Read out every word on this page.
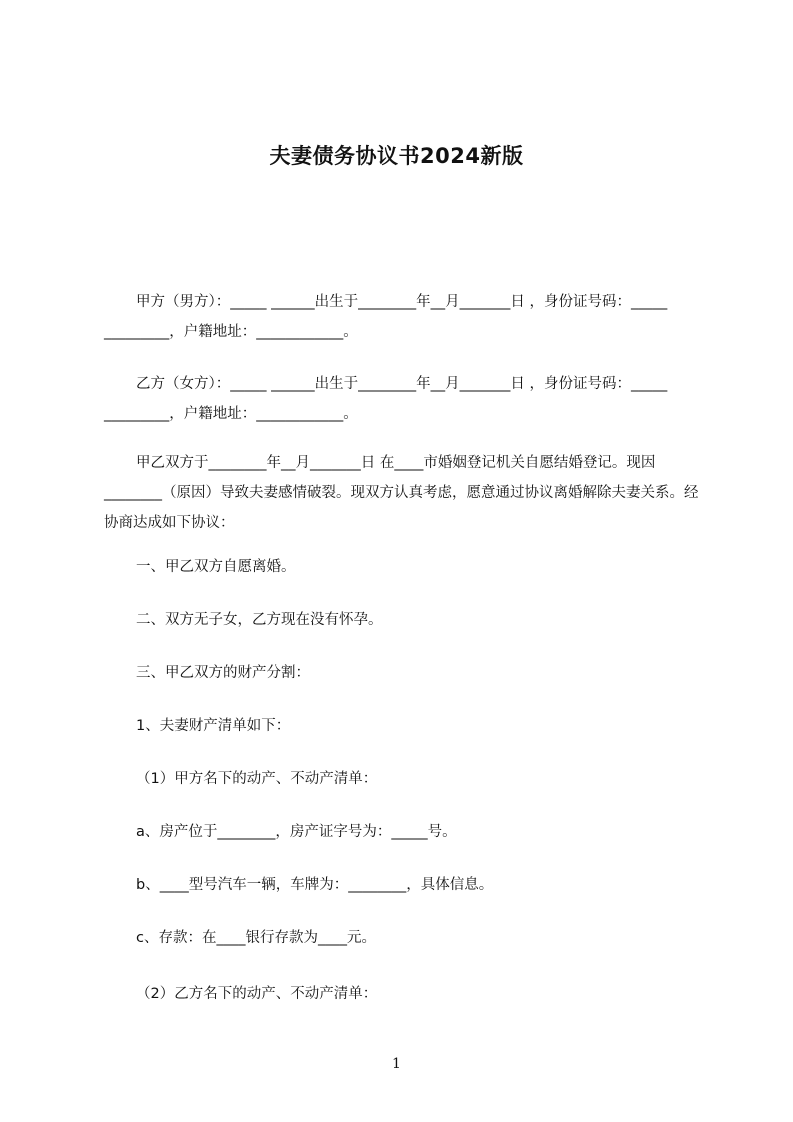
夫妻债务协议书2024新版

甲方（男方）：_____ ______出生于________年__月_______日 ，身份证号码：_____ _________，户籍地址：____________。

乙方（女方）：_____ ______出生于________年__月_______日 ，身份证号码：_____ _________，户籍地址：____________。

甲乙双方于________年__月_______日 在____市婚姻登记机关自愿结婚登记。现因________（原因）导致夫妻感情破裂。现双方认真考虑，愿意通过协议离婚解除夫妻关系。经协商达成如下协议：

一、甲乙双方自愿离婚。

二、双方无子女，乙方现在没有怀孕。

三、甲乙双方的财产分割：

1、夫妻财产清单如下：

（1）甲方名下的动产、不动产清单：

a、房产位于________，房产证字号为：_____号。

b、____型号汽车一辆，车牌为：________，具体信息。

c、存款：在____银行存款为____元。

（2）乙方名下的动产、不动产清单：

1
